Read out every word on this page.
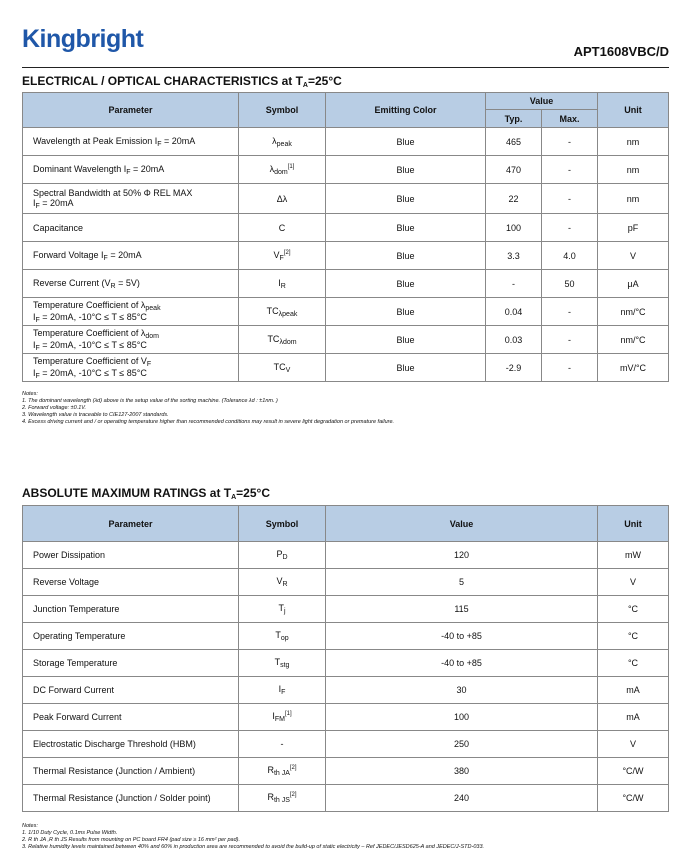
Kingbright	APT1608VBC/D
ELECTRICAL / OPTICAL CHARACTERISTICS at $T_A=25^\circ C$
Parameter	Symbol	Emitting Color	Value		Unit
			Typ.	Max.	

Wavelength at Peak Emission $I_F = 20mA$	$\lambda_{peak}$	Blue	465	-	nm

Dominant Wavelength $I_F = 20mA$	$\lambda_{dom}[1]$	Blue	470	-	nm

Spectral Bandwidth at 50% Φ REL MAX
$I_F = 20mA$	Δλ	Blue	22	-	nm

Capacitance	C	Blue	100	-	pF

Forward Voltage $I_F = 20mA$	$V_F[2]$	Blue	3.3	4.0	V

Reverse Current $(V_R = 5V)$	$I_R$	Blue	-	50	μA

Temperature Coefficient of $\lambda_{peak}$
$I_F = 20mA$, -10°C ≤ T ≤ 85°C	$TC_{\lambda peak}$	Blue	0.04	-	nm/°C

Temperature Coefficient of $\lambda_{dom}$
$I_F = 20mA$, -10°C ≤ T ≤ 85°C	$TC_{\lambda dom}$	Blue	0.03	-	nm/°C

Temperature Coefficient of $V_F$
$I_F = 20mA$, -10°C ≤ T ≤ 85°C	$TC_V$	Blue	-2.9	-	mV/°C
Notes:
1. The dominant wavelength (λd) above is the setup value of the sorting machine. (Tolerance λd : ±1nm. )
2. Forward voltage: ±0.1V.
3. Wavelength value is traceable to CIE127-2007 standards.
4. Excess driving current and / or operating temperature higher than recommended conditions may result in severe light degradation or premature failure.
ABSOLUTE MAXIMUM RATINGS at $T_A=25^\circ C$
Parameter	Symbol	Value	Unit
Power Dissipation	$P_D$	120	mW
Reverse Voltage	$V_R$	5	V
Junction Temperature	$T_j$	115	°C
Operating Temperature	$T_{op}$	-40 to +85	°C
Storage Temperature	$T_{stg}$	-40 to +85	°C
DC Forward Current	$I_F$	30	mA
Peak Forward Current	$I_{FM}[1]$	100	mA
Electrostatic Discharge Threshold (HBM)	-	250	V
Thermal Resistance (Junction / Ambient)	$R_{th JA}[2]$	380	°C/W
Thermal Resistance (Junction / Solder point)	$R_{th JS}[2]$	240	°C/W
Notes:
1. 1/10 Duty Cycle, 0.1ms Pulse Width.
2. R th JA ,R th JS Results from mounting on PC board FR4 (pad size ≥ 16 mm² per pad).
3. Relative humidity levels maintained between 40% and 60% in production area are recommended to avoid the build-up of static electricity – Ref JEDEC/JESD625-A and JEDEC/J-STD-033.
